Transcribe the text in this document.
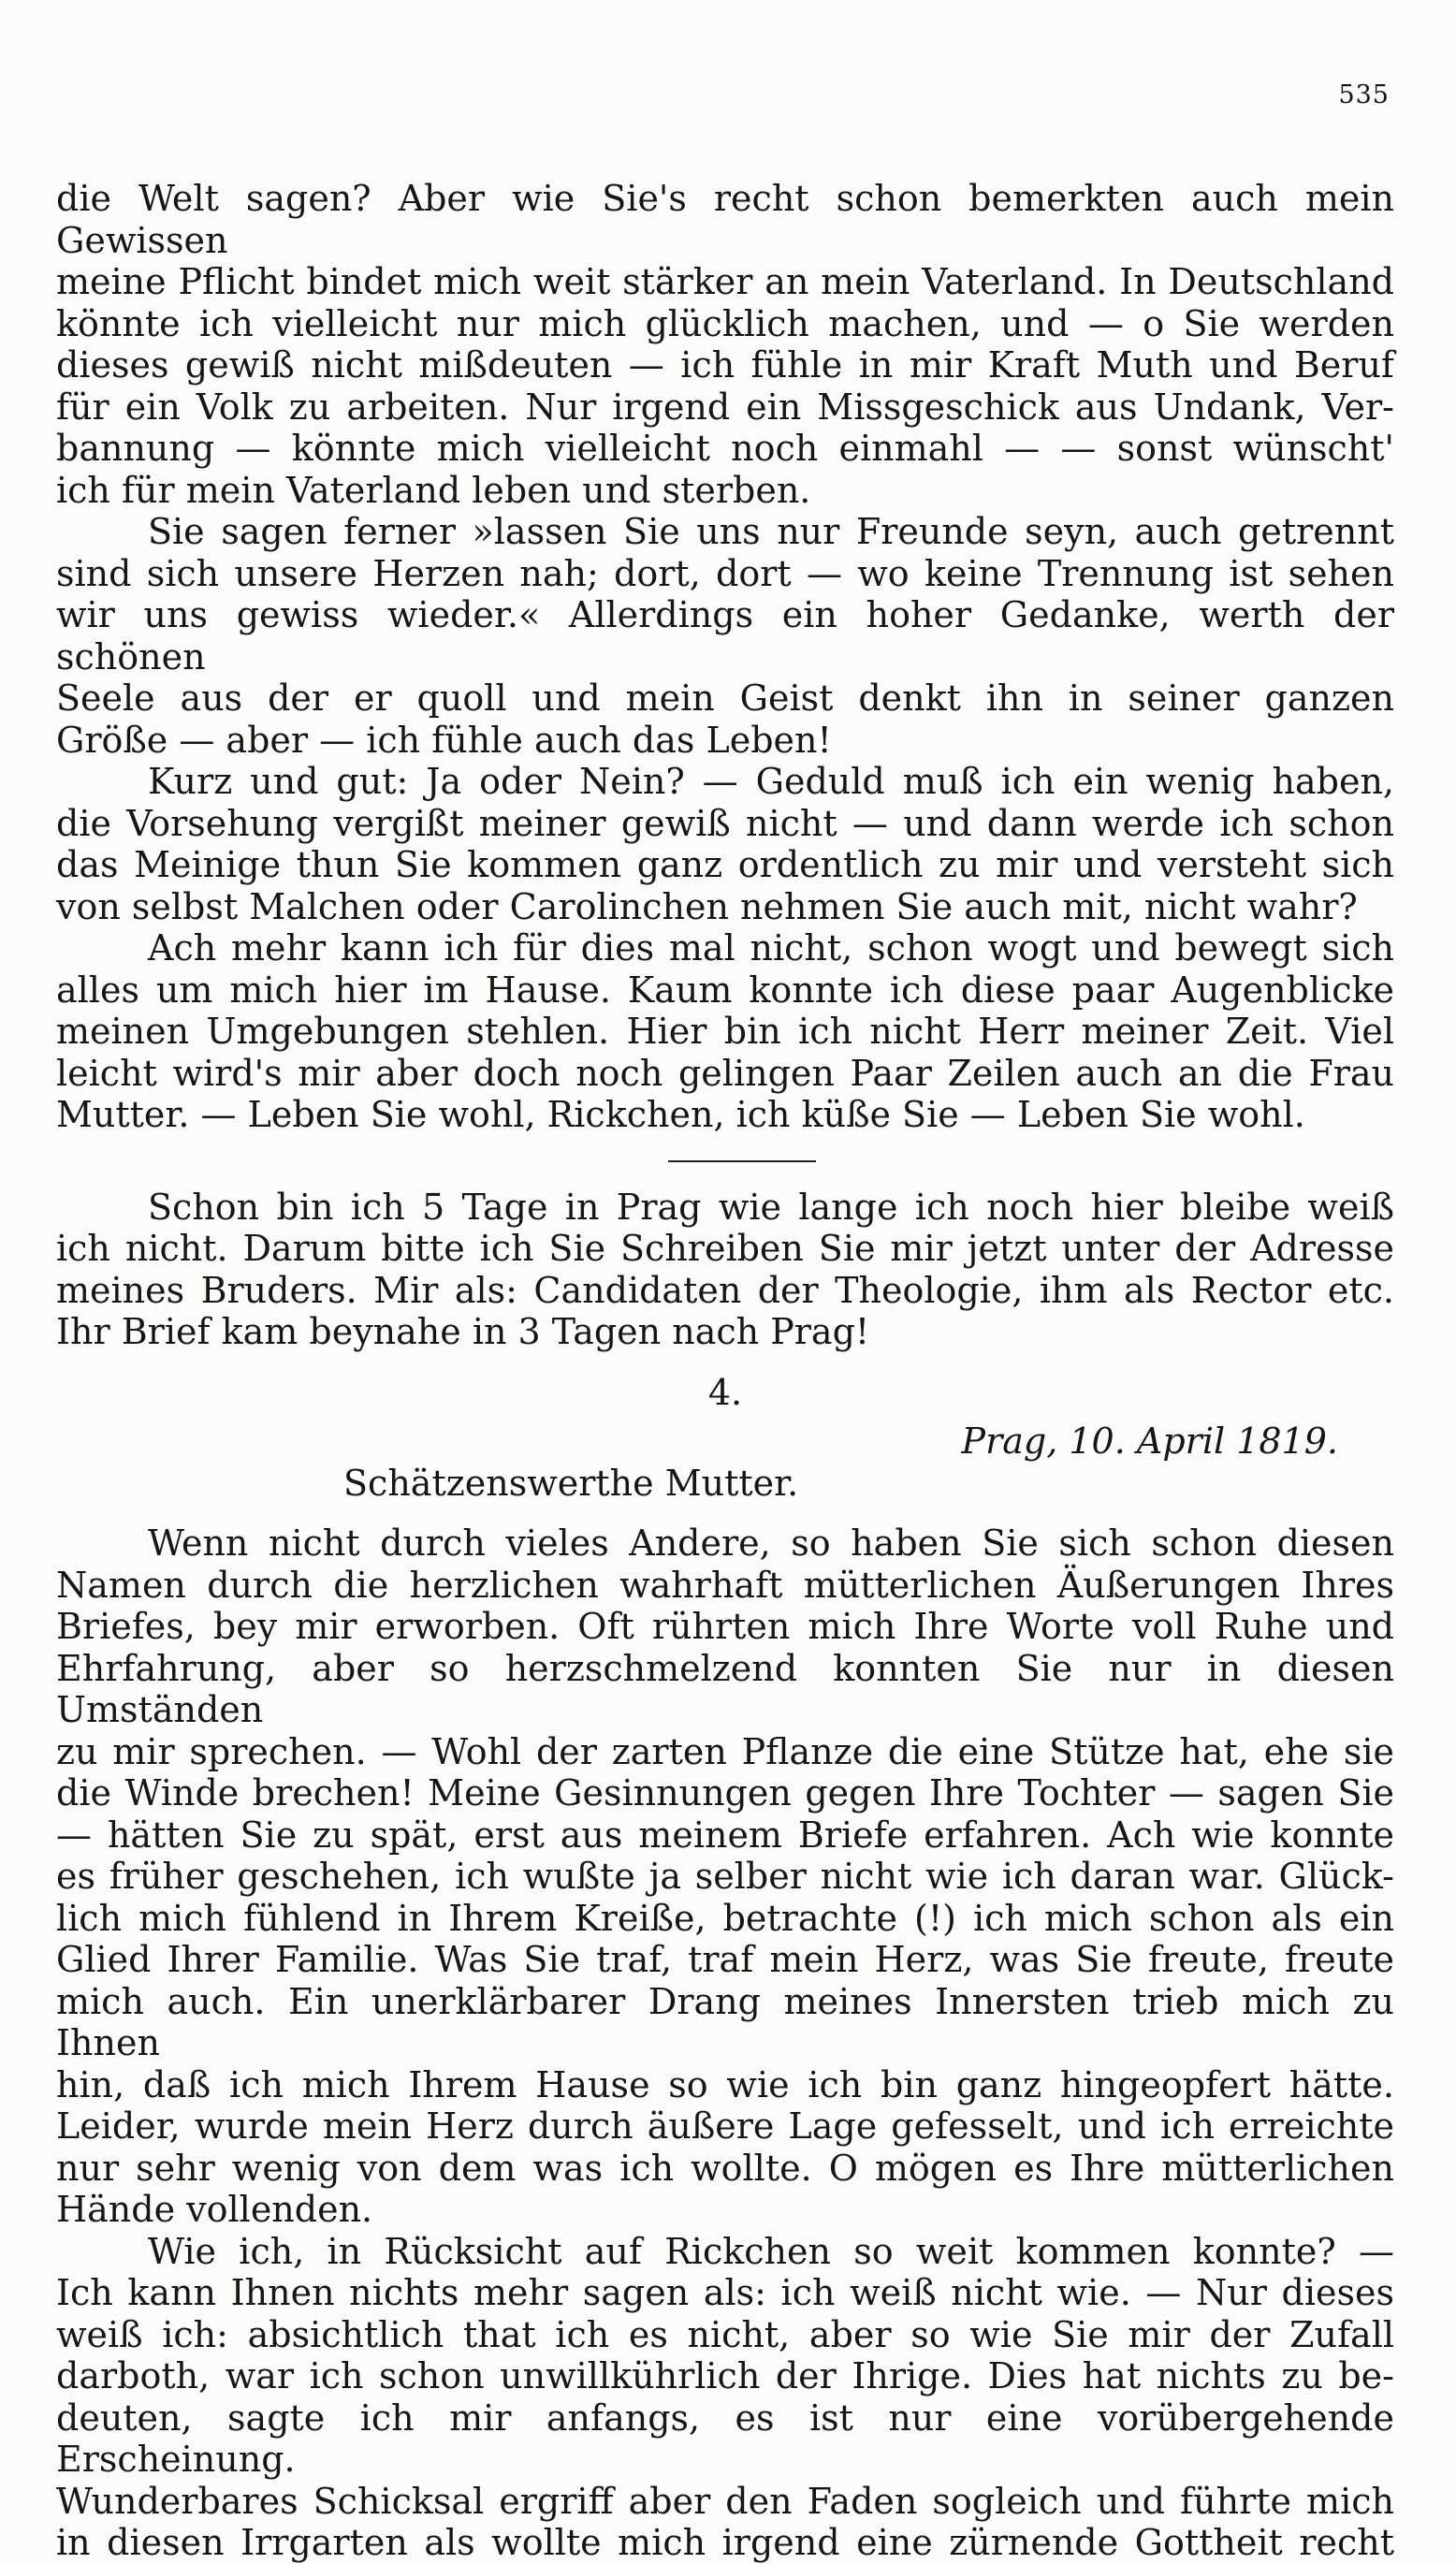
535

die Welt sagen? Aber wie Sie's recht schon bemerkten auch mein Gewissen

meine Pflicht bindet mich weit stärker an mein Vaterland. In Deutschland

könnte ich vielleicht nur mich glücklich machen, und — o Sie werden

dieses gewiß nicht mißdeuten — ich fühle in mir Kraft Muth und Beruf

für ein Volk zu arbeiten. Nur irgend ein Missgeschick aus Undank, Ver-

bannung — könnte mich vielleicht noch einmahl — — sonst wünscht'

ich für mein Vaterland leben und sterben.

Sie sagen ferner »lassen Sie uns nur Freunde seyn, auch getrennt

sind sich unsere Herzen nah; dort, dort — wo keine Trennung ist sehen

wir uns gewiss wieder.« Allerdings ein hoher Gedanke, werth der schönen

Seele aus der er quoll und mein Geist denkt ihn in seiner ganzen

Größe — aber — ich fühle auch das Leben!

Kurz und gut: Ja oder Nein? — Geduld muß ich ein wenig haben,

die Vorsehung vergißt meiner gewiß nicht — und dann werde ich schon

das Meinige thun Sie kommen ganz ordentlich zu mir und versteht sich

von selbst Malchen oder Carolinchen nehmen Sie auch mit, nicht wahr?

Ach mehr kann ich für dies mal nicht, schon wogt und bewegt sich

alles um mich hier im Hause. Kaum konnte ich diese paar Augenblicke

meinen Umgebungen stehlen. Hier bin ich nicht Herr meiner Zeit. Viel

leicht wird's mir aber doch noch gelingen Paar Zeilen auch an die Frau

Mutter. — Leben Sie wohl, Rickchen, ich küße Sie — Leben Sie wohl.

Schon bin ich 5 Tage in Prag wie lange ich noch hier bleibe weiß

ich nicht. Darum bitte ich Sie Schreiben Sie mir jetzt unter der Adresse

meines Bruders. Mir als: Candidaten der Theologie, ihm als Rector etc.

Ihr Brief kam beynahe in 3 Tagen nach Prag!

4.

Prag, 10. April 1819.

Schätzenswerthe Mutter.

Wenn nicht durch vieles Andere, so haben Sie sich schon diesen

Namen durch die herzlichen wahrhaft mütterlichen Äußerungen Ihres

Briefes, bey mir erworben. Oft rührten mich Ihre Worte voll Ruhe und

Ehrfahrung, aber so herzschmelzend konnten Sie nur in diesen Umständen

zu mir sprechen. — Wohl der zarten Pflanze die eine Stütze hat, ehe sie

die Winde brechen! Meine Gesinnungen gegen Ihre Tochter — sagen Sie

— hätten Sie zu spät, erst aus meinem Briefe erfahren. Ach wie konnte

es früher geschehen, ich wußte ja selber nicht wie ich daran war. Glück-

lich mich fühlend in Ihrem Kreiße, betrachte (!) ich mich schon als ein

Glied Ihrer Familie. Was Sie traf, traf mein Herz, was Sie freute, freute

mich auch. Ein unerklärbarer Drang meines Innersten trieb mich zu Ihnen

hin, daß ich mich Ihrem Hause so wie ich bin ganz hingeopfert hätte.

Leider, wurde mein Herz durch äußere Lage gefesselt, und ich erreichte

nur sehr wenig von dem was ich wollte. O mögen es Ihre mütterlichen

Hände vollenden.

Wie ich, in Rücksicht auf Rickchen so weit kommen konnte? —

Ich kann Ihnen nichts mehr sagen als: ich weiß nicht wie. — Nur dieses

weiß ich: absichtlich that ich es nicht, aber so wie Sie mir der Zufall

darboth, war ich schon unwillkührlich der Ihrige. Dies hat nichts zu be-

deuten, sagte ich mir anfangs, es ist nur eine vorübergehende Erscheinung.

Wunderbares Schicksal ergriff aber den Faden sogleich und führte mich

in diesen Irrgarten als wollte mich irgend eine zürnende Gottheit recht
